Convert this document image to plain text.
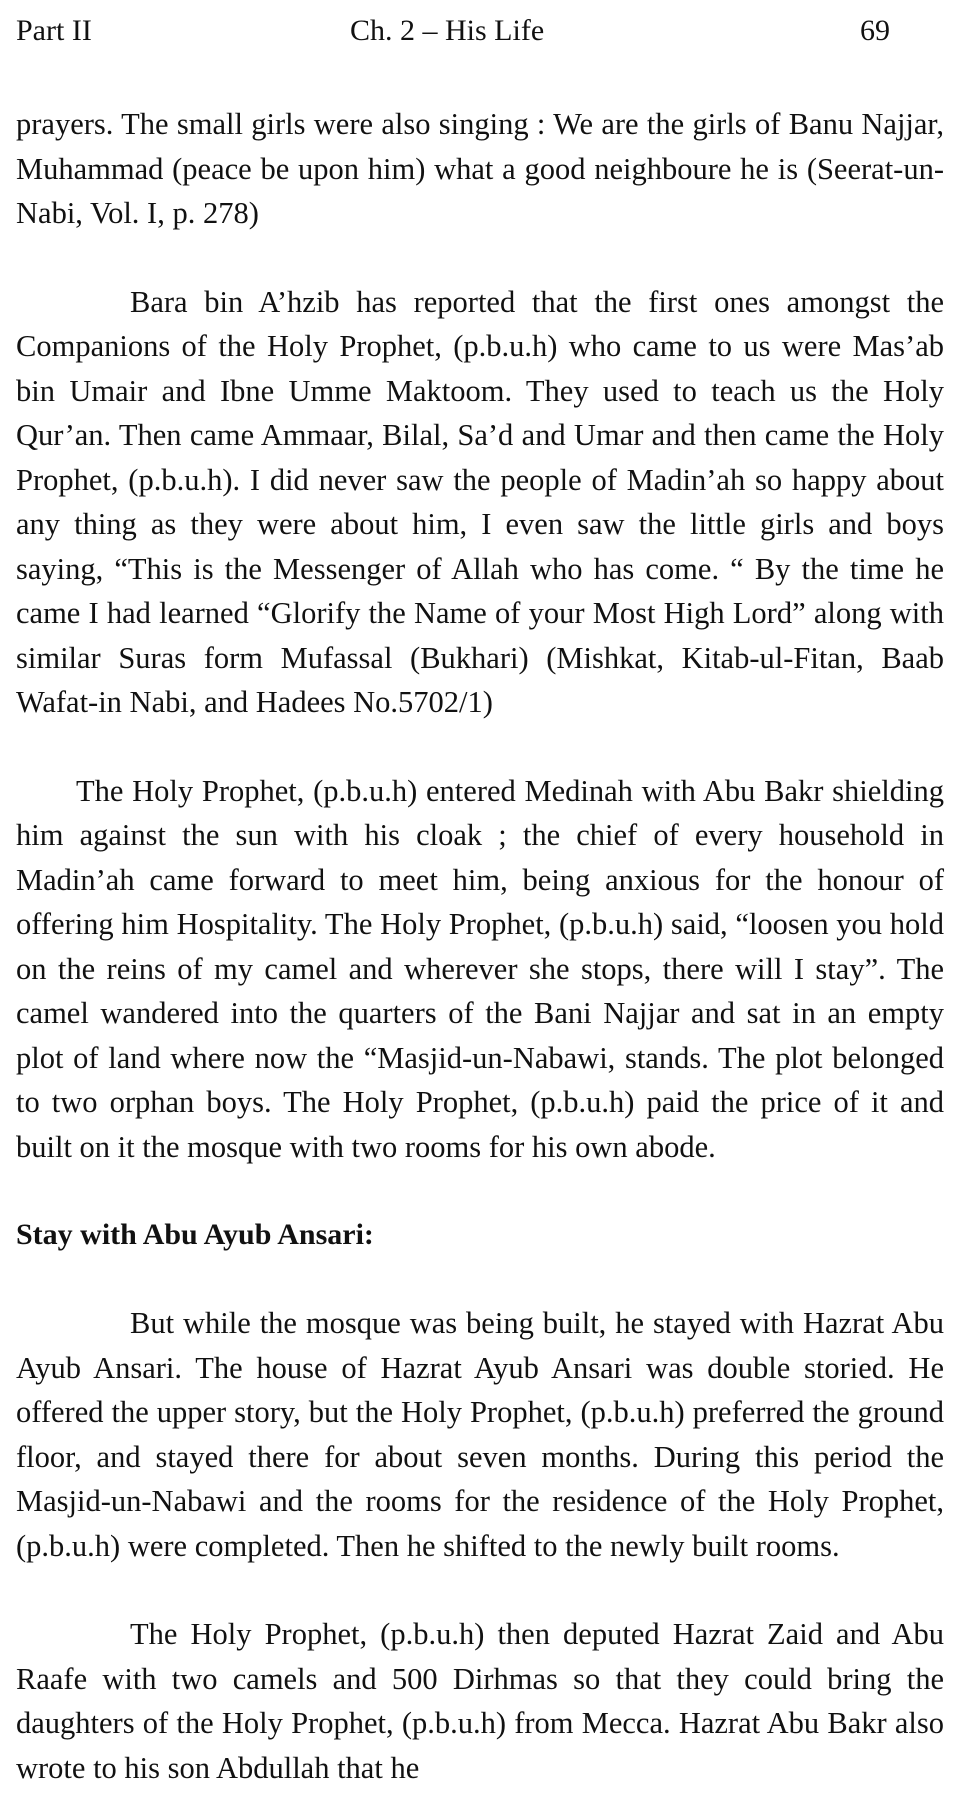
Part II	Ch. 2 – His Life	69

prayers. The small girls were also singing : We are the girls of Banu Najjar, Muhammad (peace be upon him) what a good neighboure he is (Seerat-un-Nabi, Vol. I, p. 278)

Bara bin A’hzib has reported that the first ones amongst the Companions of the Holy Prophet, (p.b.u.h) who came to us were Mas’ab bin Umair and Ibne Umme Maktoom. They used to teach us the Holy Qur’an. Then came Ammaar, Bilal, Sa’d and Umar and then came the Holy Prophet, (p.b.u.h). I did never saw the people of Madin’ah so happy about any thing as they were about him, I even saw the little girls and boys saying, “This is the Messenger of Allah who has come. “ By the time he came I had learned “Glorify the Name of your Most High Lord” along with similar Suras form Mufassal (Bukhari) (Mishkat, Kitab-ul-Fitan, Baab Wafat-in Nabi, and Hadees No.5702/1)

The Holy Prophet, (p.b.u.h) entered Medinah with Abu Bakr shielding him against the sun with his cloak ; the chief of every household in Madin’ah came forward to meet him, being anxious for the honour of offering him Hospitality. The Holy Prophet, (p.b.u.h) said, “loosen you hold on the reins of my camel and wherever she stops, there will I stay”. The camel wandered into the quarters of the Bani Najjar and sat in an empty plot of land where now the “Masjid-un-Nabawi, stands. The plot belonged to two orphan boys. The Holy Prophet, (p.b.u.h) paid the price of it and built on it the mosque with two rooms for his own abode.

Stay with Abu Ayub Ansari:

But while the mosque was being built, he stayed with Hazrat Abu Ayub Ansari. The house of Hazrat Ayub Ansari was double storied. He offered the upper story, but the Holy Prophet, (p.b.u.h) preferred the ground floor, and stayed there for about seven months. During this period the Masjid-un-Nabawi and the rooms for the residence of the Holy Prophet, (p.b.u.h) were completed. Then he shifted to the newly built rooms.

The Holy Prophet, (p.b.u.h) then deputed Hazrat Zaid and Abu Raafe with two camels and 500 Dirhmas so that they could bring the daughters of the Holy Prophet, (p.b.u.h) from Mecca. Hazrat Abu Bakr also wrote to his son Abdullah that he
